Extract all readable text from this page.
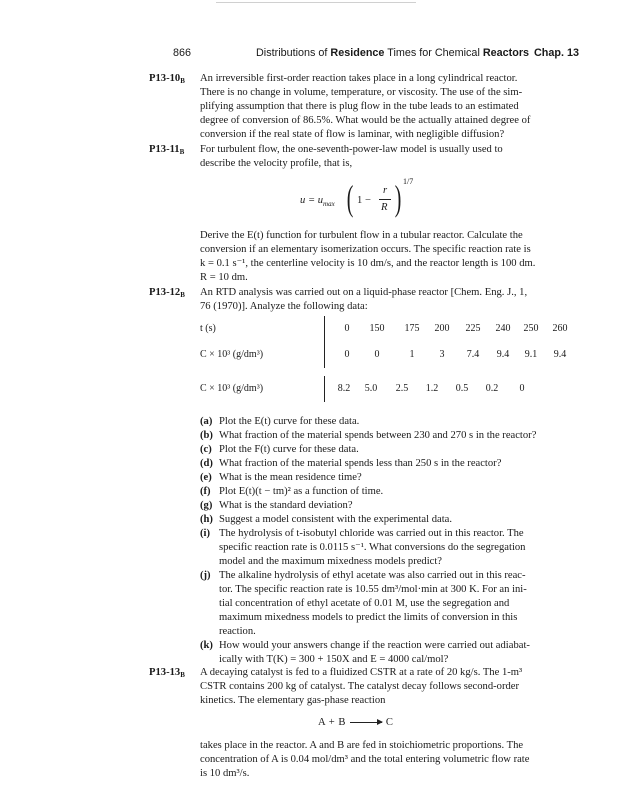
866	Distributions of Residence Times for Chemical Reactors Chap. 13
$P13-10_B$ An irreversible first-order reaction takes place in a long cylindrical reactor.
There is no change in volume, temperature, or viscosity. The use of the sim-
plifying assumption that there is plug flow in the tube leads to an estimated
degree of conversion of 86.5%. What would be the actually attained degree of
conversion if the real state of flow is laminar, with negligible diffusion?
$P13-11_B$ For turbulent flow, the one-seventh-power-law model is usually used to
describe the velocity profile, that is,
$u = u_{max}$ ( 1 −
r
R ) 1/7
Derive the E(t) function for turbulent flow in a tubular reactor. Calculate the
conversion if an elementary isomerization occurs. The specific reaction rate is
k = 0.1 s⁻¹, the centerline velocity is 10 dm/s, and the reactor length is 100 dm.
R = 10 dm.
$P13-12_B$ An RTD analysis was carried out on a liquid-phase reactor [Chem. Eng. J., 1,
76 (1970)]. Analyze the following data:
t (s)		0	150	175	200	225	240	250	260
C × 10³ (g/dm³)		0	0	1	3	7.4	9.4	9.1	9.4
C × 10³ (g/dm³)		8.2	5.0	2.5	1.2	0.5	0.2	0
(a) Plot the E(t) curve for these data.
(b) What fraction of the material spends between 230 and 270 s in the reactor?
(c) Plot the F(t) curve for these data.
(d) What fraction of the material spends less than 250 s in the reactor?
(e) What is the mean residence time?
(f) Plot E(t)(t − tm)² as a function of time.
(g) What is the standard deviation?
(h) Suggest a model consistent with the experimental data.
(i) The hydrolysis of t-isobutyl chloride was carried out in this reactor. The
specific reaction rate is 0.0115 s⁻¹. What conversions do the segregation
model and the maximum mixedness models predict?
(j) The alkaline hydrolysis of ethyl acetate was also carried out in this reac-
tor. The specific reaction rate is 10.55 dm³/mol·min at 300 K. For an ini-
tial concentration of ethyl acetate of 0.01 M, use the segregation and
maximum mixedness models to predict the limits of conversion in this
reaction.
(k) How would your answers change if the reaction were carried out adiabat-
ically with T(K) = 300 + 150X and E = 4000 cal/mol?
$P13-13_B$ A decaying catalyst is fed to a fluidized CSTR at a rate of 20 kg/s. The 1-m³
CSTR contains 200 kg of catalyst. The catalyst decay follows second-order
kinetics. The elementary gas-phase reaction
A + B → C
takes place in the reactor. A and B are fed in stoichiometric proportions. The
concentration of A is 0.04 mol/dm³ and the total entering volumetric flow rate
is 10 dm³/s.
